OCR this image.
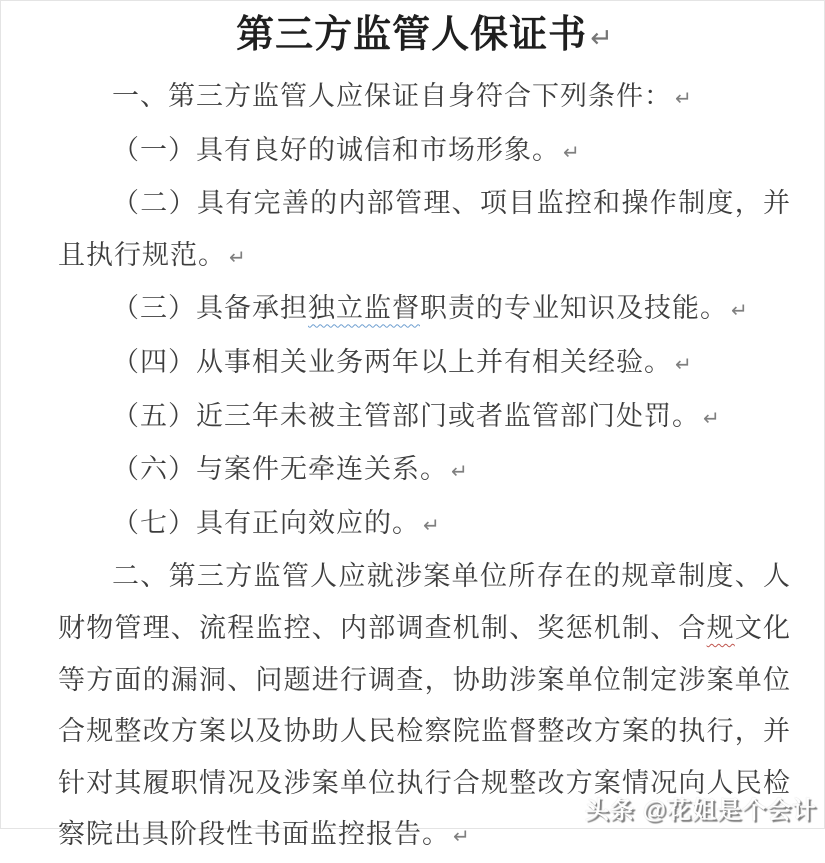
第三方监管人保证书 ↵

一、第三方监管人应保证自身符合下列条件： ↵

（一）具有良好的诚信和市场形象。 ↵

（二）具有完善的内部管理、项目监控和操作制度，并且执行规范。 ↵

（三）具备承担独立监督职责的专业知识及技能。 ↵

（四）从事相关业务两年以上并有相关经验。 ↵

（五）近三年未被主管部门或者监管部门处罚。 ↵

（六）与案件无牵连关系。 ↵

（七）具有正向效应的。 ↵

二、第三方监管人应就涉案单位所存在的规章制度、人财物管理、流程监控、内部调查机制、奖惩机制、合规文化等方面的漏洞、问题进行调查，协助涉案单位制定涉案单位合规整改方案以及协助人民检察院监督整改方案的执行，并针对其履职情况及涉案单位执行合规整改方案情况向人民检察院出具阶段性书面监控报告。 ↵

头条 @花姐是个会计
